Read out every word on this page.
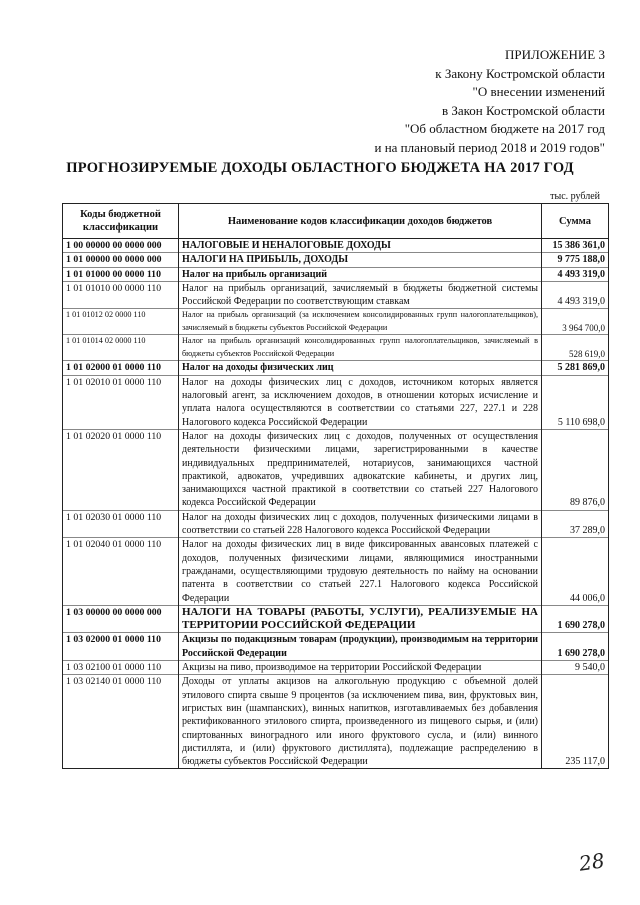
ПРИЛОЖЕНИЕ 3
к Закону Костромской области
"О внесении изменений
в Закон Костромской области
"Об областном бюджете на 2017 год
и на плановый период 2018 и 2019 годов"
ПРОГНОЗИРУЕМЫЕ ДОХОДЫ ОБЛАСТНОГО БЮДЖЕТА НА 2017 ГОД
тыс. рублей
Коды бюджетной классификации	Наименование кодов классификации доходов бюджетов	Сумма
1 00 00000 00 0000 000	НАЛОГОВЫЕ И НЕНАЛОГОВЫЕ ДОХОДЫ	15 386 361,0
1 01 00000 00 0000 000	НАЛОГИ НА ПРИБЫЛЬ, ДОХОДЫ	9 775 188,0
1 01 01000 00 0000 110	Налог на прибыль организаций	4 493 319,0
1 01 01010 00 0000 110	Налог на прибыль организаций, зачисляемый в бюджеты бюджетной системы Российской Федерации по соответствующим ставкам	4 493 319,0
1 01 01012 02 0000 110	Налог на прибыль организаций (за исключением консолидированных групп налогоплательщиков), зачисляемый в бюджеты субъектов Российской Федерации	3 964 700,0
1 01 01014 02 0000 110	Налог на прибыль организаций консолидированных групп налогоплательщиков, зачисляемый в бюджеты субъектов Российской Федерации	528 619,0
1 01 02000 01 0000 110	Налог на доходы физических лиц	5 281 869,0
1 01 02010 01 0000 110	Налог на доходы физических лиц с доходов, источником которых является налоговый агент, за исключением доходов, в отношении которых исчисление и уплата налога осуществляются в соответствии со статьями 227, 227.1 и 228 Налогового кодекса Российской Федерации	5 110 698,0
1 01 02020 01 0000 110	Налог на доходы физических лиц с доходов, полученных от осуществления деятельности физическими лицами, зарегистрированными в качестве индивидуальных предпринимателей, нотариусов, занимающихся частной практикой, адвокатов, учредивших адвокатские кабинеты, и других лиц, занимающихся частной практикой в соответствии со статьей 227 Налогового кодекса Российской Федерации	89 876,0
1 01 02030 01 0000 110	Налог на доходы физических лиц с доходов, полученных физическими лицами в соответствии со статьей 228 Налогового кодекса Российской Федерации	37 289,0
1 01 02040 01 0000 110	Налог на доходы физических лиц в виде фиксированных авансовых платежей с доходов, полученных физическими лицами, являющимися иностранными гражданами, осуществляющими трудовую деятельность по найму на основании патента в соответствии со статьей 227.1 Налогового кодекса Российской Федерации	44 006,0
1 03 00000 00 0000 000	НАЛОГИ НА ТОВАРЫ (РАБОТЫ, УСЛУГИ), РЕАЛИЗУЕМЫЕ НА ТЕРРИТОРИИ РОССИЙСКОЙ ФЕДЕРАЦИИ	1 690 278,0
1 03 02000 01 0000 110	Акцизы по подакцизным товарам (продукции), производимым на территории Российской Федерации	1 690 278,0
1 03 02100 01 0000 110	Акцизы на пиво, производимое на территории Российской Федерации	9 540,0
1 03 02140 01 0000 110	Доходы от уплаты акцизов на алкогольную продукцию с объемной долей этилового спирта свыше 9 процентов (за исключением пива, вин, фруктовых вин, игристых вин (шампанских), винных напитков, изготавливаемых без добавления ректификованного этилового спирта, произведенного из пищевого сырья, и (или) спиртованных виноградного или иного фруктового сусла, и (или) винного дистиллята, и (или) фруктового дистиллята), подлежащие распределению в бюджеты субъектов Российской Федерации	235 117,0
28
